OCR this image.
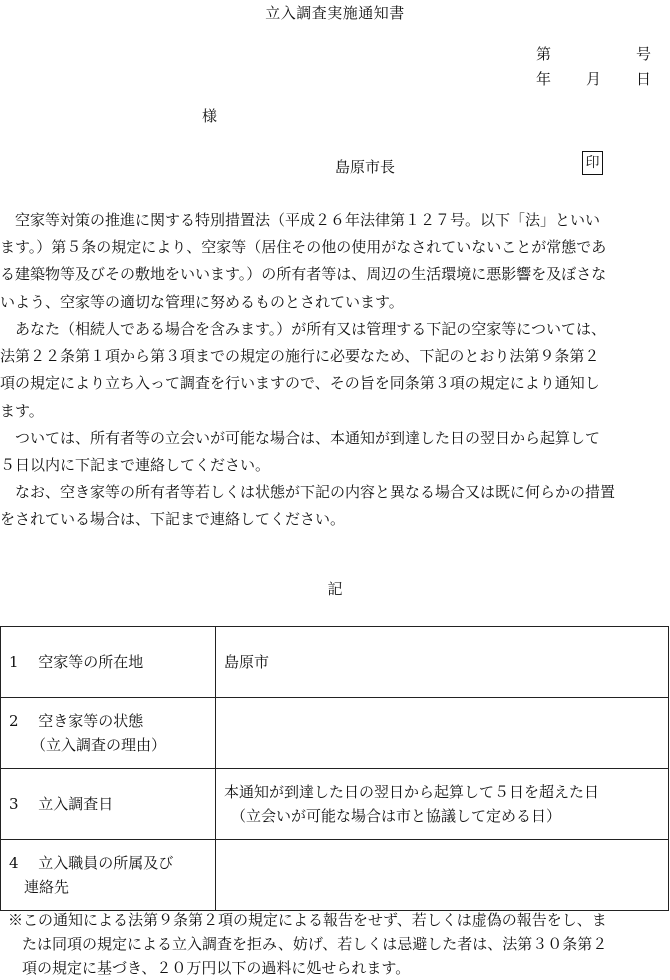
立入調査実施通知書
第	号
年 月 日
様
島原市長	印
空家等対策の推進に関する特別措置法（平成２６年法律第１２７号。以下「法」といい
ます。）第５条の規定により、空家等（居住その他の使用がなされていないことが常態であ
る建築物等及びその敷地をいいます。）の所有者等は、周辺の生活環境に悪影響を及ぼさな
いよう、空家等の適切な管理に努めるものとされています。
あなた（相続人である場合を含みます。）が所有又は管理する下記の空家等については、
法第２２条第１項から第３項までの規定の施行に必要なため、下記のとおり法第９条第２
項の規定により立ち入って調査を行いますので、その旨を同条第３項の規定により通知し
ます。
ついては、所有者等の立会いが可能な場合は、本通知が到達した日の翌日から起算して
５日以内に下記まで連絡してください。
なお、空き家等の所有者等若しくは状態が下記の内容と異なる場合又は既に何らかの措置
をされている場合は、下記まで連絡してください。
記
1　 空家等の所在地	島原市

2　 空き家等の状態
（立入調査の理由）	

3　 立入調査日	本通知が到達した日の翌日から起算して５日を超えた日
（立会いが可能な場合は市と協議して定める日）

4　 立入職員の所属及び
連絡先	

※この通知による法第９条第２項の規定による報告をせず、若しくは虚偽の報告をし、ま
たは同項の規定による立入調査を拒み、妨げ、若しくは忌避した者は、法第３０条第２
項の規定に基づき、２０万円以下の過料に処せられます。
